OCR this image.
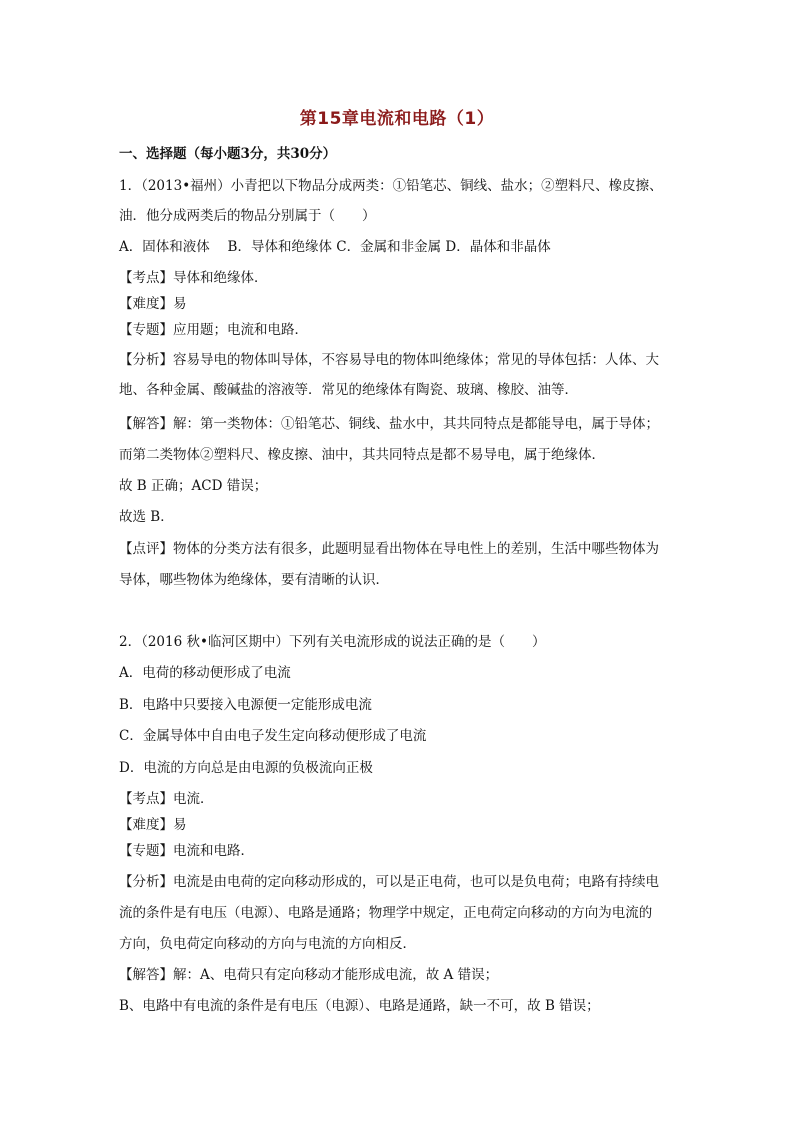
第15章电流和电路（1）
一、选择题（每小题3分，共30分）
1．（2013•福州）小青把以下物品分成两类：①铅笔芯、铜线、盐水；②塑料尺、橡皮擦、
油．他分成两类后的物品分别属于（　　）
A．固体和液体　 B．导体和绝缘体 C．金属和非金属 D．晶体和非晶体
【考点】导体和绝缘体．
【难度】易
【专题】应用题；电流和电路．
【分析】容易导电的物体叫导体，不容易导电的物体叫绝缘体；常见的导体包括：人体、大
地、各种金属、酸碱盐的溶液等．常见的绝缘体有陶瓷、玻璃、橡胶、油等．
【解答】解：第一类物体：①铅笔芯、铜线、盐水中，其共同特点是都能导电，属于导体；
而第二类物体②塑料尺、橡皮擦、油中，其共同特点是都不易导电，属于绝缘体．
故 B 正确；ACD 错误；
故选 B．
【点评】物体的分类方法有很多，此题明显看出物体在导电性上的差别，生活中哪些物体为
导体，哪些物体为绝缘体，要有清晰的认识．
2．（2016 秋•临河区期中）下列有关电流形成的说法正确的是（　　）
A．电荷的移动便形成了电流
B．电路中只要接入电源便一定能形成电流
C．金属导体中自由电子发生定向移动便形成了电流
D．电流的方向总是由电源的负极流向正极
【考点】电流．
【难度】易
【专题】电流和电路．
【分析】电流是由电荷的定向移动形成的，可以是正电荷，也可以是负电荷；电路有持续电
流的条件是有电压（电源）、电路是通路；物理学中规定，正电荷定向移动的方向为电流的
方向，负电荷定向移动的方向与电流的方向相反．
【解答】解：A、电荷只有定向移动才能形成电流，故 A 错误；
B、电路中有电流的条件是有电压（电源）、电路是通路，缺一不可，故 B 错误；
